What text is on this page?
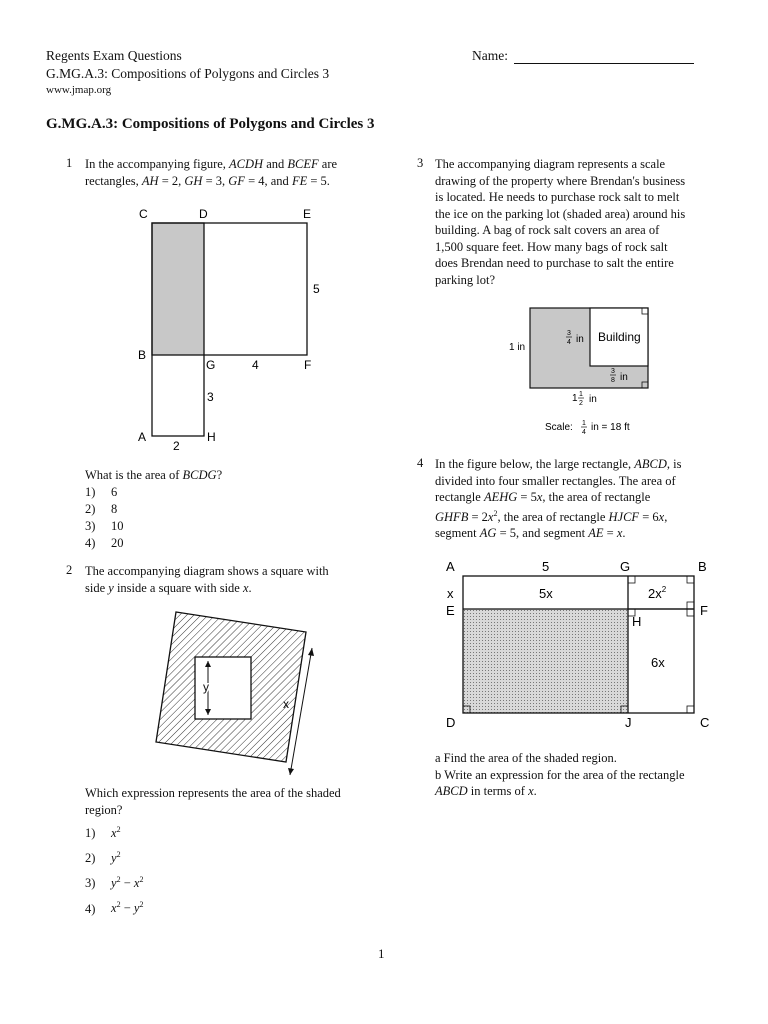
Regents Exam Questions
G.MG.A.3: Compositions of Polygons and Circles 3
www.jmap.org
Name:
G.MG.A.3: Compositions of Polygons and Circles 3
1 In the accompanying figure, ACDH and BCEF are
rectangles, AH = 2, GH = 3, GF = 4, and FE = 5.
C	D	E
5
B
G	4	F
3
A	H
2
What is the area of BCDG?
1) 6
2) 8
3) 10
4) 20
2 The accompanying diagram shows a square with
side y inside a square with side x.
y
x
Which expression represents the area of the shaded
region?
1) $x^2$
2) $y^2$
3) $y^2 - x^2$
4) $x^2 - y^2$
3 The accompanying diagram represents a scale
drawing of the property where Brendan's business
is located. He needs to purchase rock salt to melt
the ice on the parking lot (shaded area) around his
building. A bag of rock salt covers an area of
1,500 square feet. How many bags of rock salt
does Brendan need to purchase to salt the entire
parking lot?
Building
1 in
3
4 in
3
8 in
1 1
2 in
Scale: 1
4 in = 18 ft
4 In the figure below, the large rectangle, ABCD, is
divided into four smaller rectangles. The area of
rectangle AEHG = 5x, the area of rectangle
GHFB = $2x^2$, the area of rectangle HJCF = 6x,
segment AG = 5, and segment AE = x.
A	5	G	B
x	5x	$2x^2$
E	F
H
6x
D	J	C
a Find the area of the shaded region.
b Write an expression for the area of the rectangle
ABCD in terms of x.
1
